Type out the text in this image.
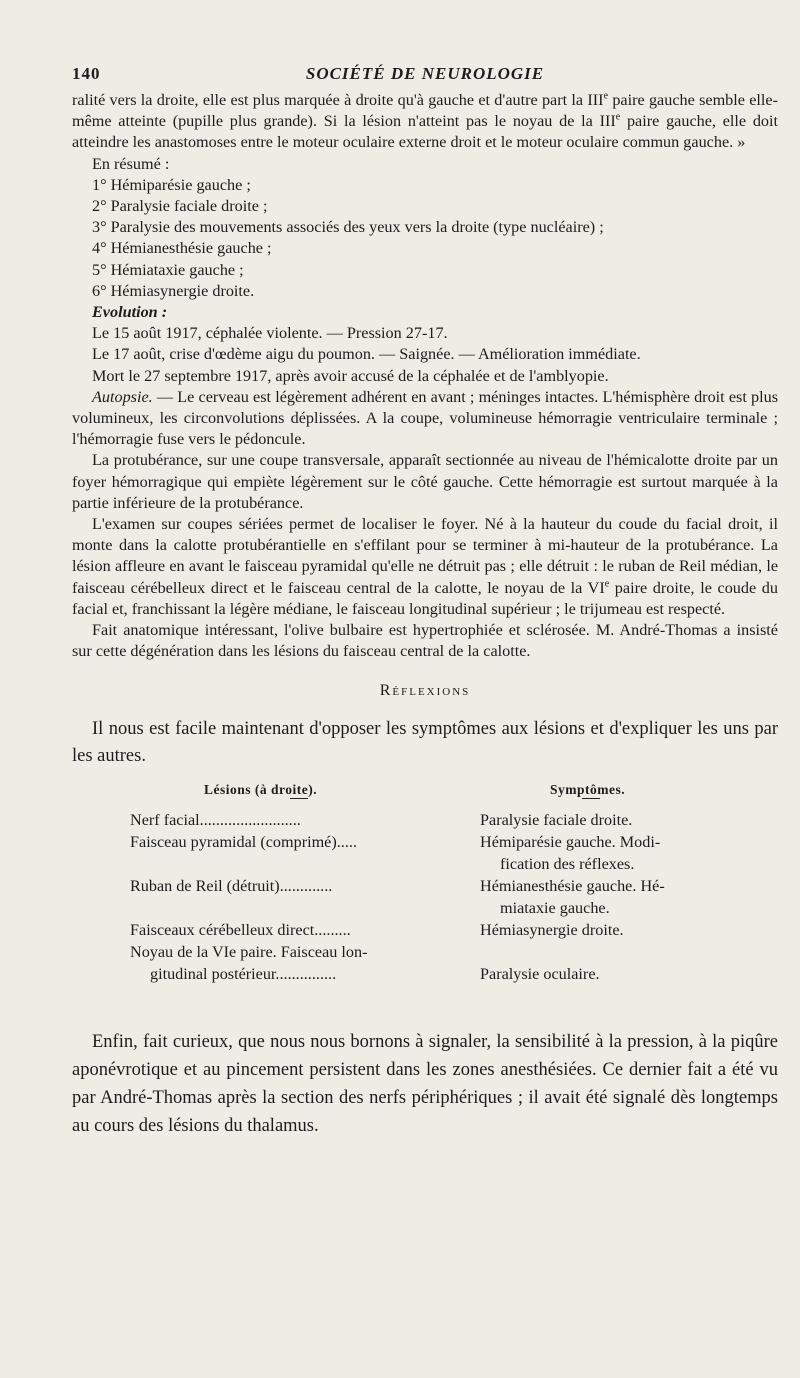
140	SOCIÉTÉ DE NEUROLOGIE

ralité vers la droite, elle est plus marquée à droite qu'à gauche et d'autre part la IIIe paire gauche semble elle-même atteinte (pupille plus grande). Si la lésion n'atteint pas le noyau de la IIIe paire gauche, elle doit atteindre les anastomoses entre le moteur oculaire externe droit et le moteur oculaire commun gauche. »

En résumé :

1° Hémiparésie gauche ;

2° Paralysie faciale droite ;

3° Paralysie des mouvements associés des yeux vers la droite (type nucléaire) ;

4° Hémianesthésie gauche ;

5° Hémiataxie gauche ;

6° Hémiasynergie droite.

Evolution :

Le 15 août 1917, céphalée violente. — Pression 27-17.

Le 17 août, crise d'œdème aigu du poumon. — Saignée. — Amélioration immédiate.

Mort le 27 septembre 1917, après avoir accusé de la céphalée et de l'amblyopie.

Autopsie. — Le cerveau est légèrement adhérent en avant ; méninges intactes. L'hémisphère droit est plus volumineux, les circonvolutions déplissées. A la coupe, volumineuse hémorragie ventriculaire terminale ; l'hémorragie fuse vers le pédoncule.

La protubérance, sur une coupe transversale, apparaît sectionnée au niveau de l'hémicalotte droite par un foyer hémorragique qui empiète légèrement sur le côté gauche. Cette hémorragie est surtout marquée à la partie inférieure de la protubérance.

L'examen sur coupes sériées permet de localiser le foyer. Né à la hauteur du coude du facial droit, il monte dans la calotte protubérantielle en s'effilant pour se terminer à mi-hauteur de la protubérance. La lésion affleure en avant le faisceau pyramidal qu'elle ne détruit pas ; elle détruit : le ruban de Reil médian, le faisceau cérébelleux direct et le faisceau central de la calotte, le noyau de la VIe paire droite, le coude du facial et, franchissant la légère médiane, le faisceau longitudinal supérieur ; le trijumeau est respecté.

Fait anatomique intéressant, l'olive bulbaire est hypertrophiée et sclérosée. M. André-Thomas a insisté sur cette dégénération dans les lésions du faisceau central de la calotte.

Réflexions

Il nous est facile maintenant d'opposer les symptômes aux lésions et d'expliquer les uns par les autres.

Lésions (à droite).	Symptômes.
Nerf facial.........................	Paralysie faciale droite.
Faisceau pyramidal (comprimé).....	Hémiparésie gauche. Modi-
fication des réflexes.
Ruban de Reil (détruit).............	Hémianesthésie gauche. Hé-
miataxie gauche.
Faisceaux cérébelleux direct.........	Hémiasynergie droite.
Noyau de la VIe paire. Faisceau lon-
gitudinal postérieur...............	Paralysie oculaire.

Enfin, fait curieux, que nous nous bornons à signaler, la sensibilité à la pression, à la piqûre aponévrotique et au pincement persistent dans les zones anesthésiées. Ce dernier fait a été vu par André-Thomas après la section des nerfs périphériques ; il avait été signalé dès longtemps au cours des lésions du thalamus.
